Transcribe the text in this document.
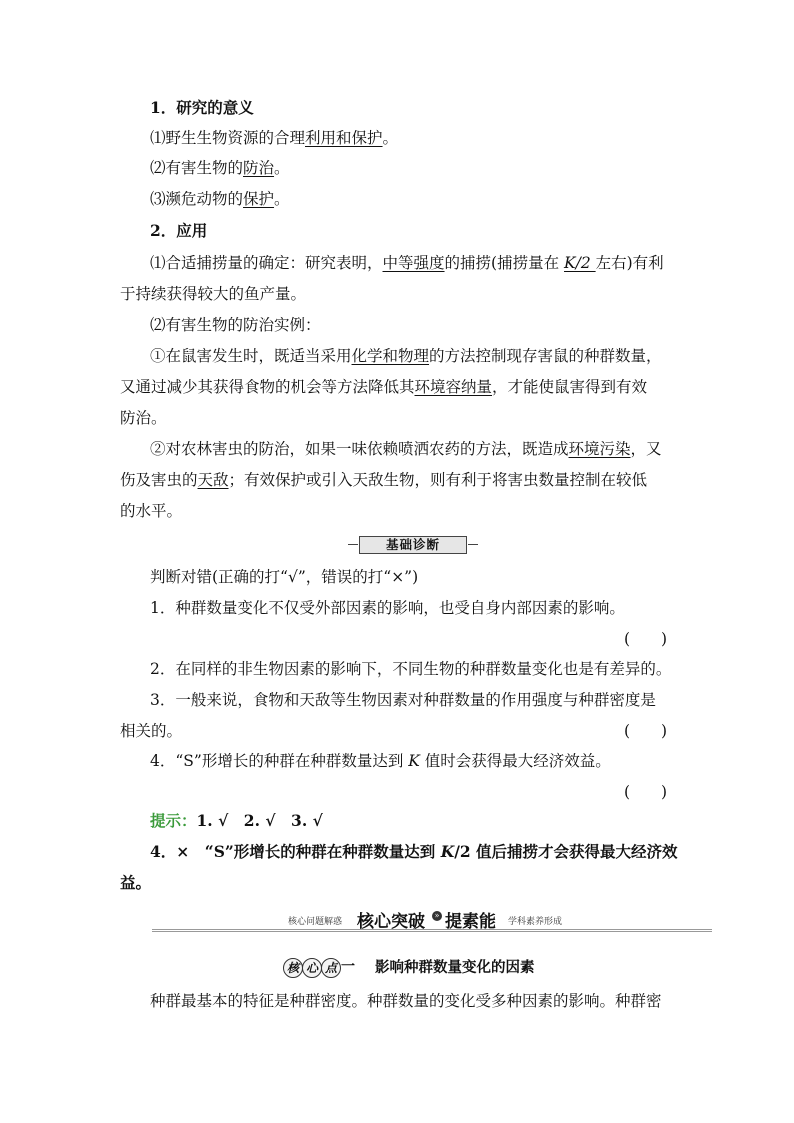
1．研究的意义
⑴野生生物资源的合理利用和保护。
⑵有害生物的防治。
⑶濒危动物的保护。
2．应用
⑴合适捕捞量的确定：研究表明，中等强度的捕捞(捕捞量在 K/2 左右)有利
于持续获得较大的鱼产量。
⑵有害生物的防治实例：
①在鼠害发生时，既适当采用化学和物理的方法控制现存害鼠的种群数量，
又通过减少其获得食物的机会等方法降低其环境容纳量，才能使鼠害得到有效
防治。
②对农林害虫的防治，如果一味依赖喷洒农药的方法，既造成环境污染，又
伤及害虫的天敌；有效保护或引入天敌生物，则有利于将害虫数量控制在较低
的水平。
基础诊断
判断对错(正确的打“√”，错误的打“×”)
1．种群数量变化不仅受外部因素的影响，也受自身内部因素的影响。
(　　)
2．在同样的非生物因素的影响下，不同生物的种群数量变化也是有差异的。
3．一般来说，食物和天敌等生物因素对种群数量的作用强度与种群密度是
相关的。	(　　)
4．“S”形增长的种群在种群数量达到 K 值时会获得最大经济效益。
(　　)
提示：1. √　2. √　3. √
4．×　“S”形增长的种群在种群数量达到 K/2 值后捕捞才会获得最大经济效
益。
核心问题解惑 核心突破	» 提素能 学科素养形成
核 心 点 一 影响种群数量变化的因素
种群最基本的特征是种群密度。种群数量的变化受多种因素的影响。种群密
